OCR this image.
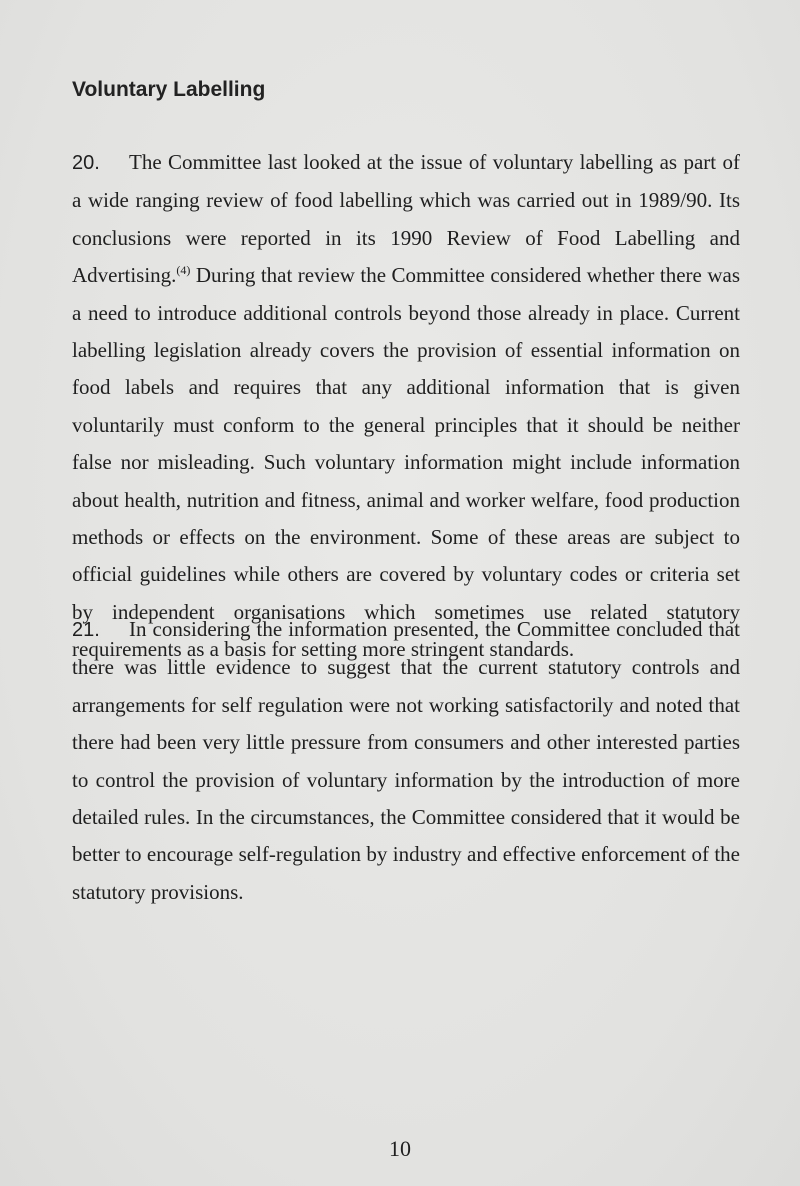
Voluntary Labelling

20. The Committee last looked at the issue of voluntary labelling as part of a wide ranging review of food labelling which was carried out in 1989/90. Its conclusions were reported in its 1990 Review of Food Labelling and Advertising.$^{(4)}$ During that review the Committee considered whether there was a need to introduce additional controls beyond those already in place. Current labelling legislation already covers the provision of essential information on food labels and requires that any additional information that is given voluntarily must conform to the general principles that it should be neither false nor misleading. Such voluntary information might include information about health, nutrition and fitness, animal and worker welfare, food production methods or effects on the environment. Some of these areas are subject to official guidelines while others are covered by voluntary codes or criteria set by independent organisations which sometimes use related statutory requirements as a basis for setting more stringent standards.

21. In considering the information presented, the Committee concluded that there was little evidence to suggest that the current statutory controls and arrangements for self regulation were not working satisfactorily and noted that there had been very little pressure from consumers and other interested parties to control the provision of voluntary information by the introduction of more detailed rules. In the circumstances, the Committee considered that it would be better to encourage self-regulation by industry and effective enforcement of the statutory provisions.

10
